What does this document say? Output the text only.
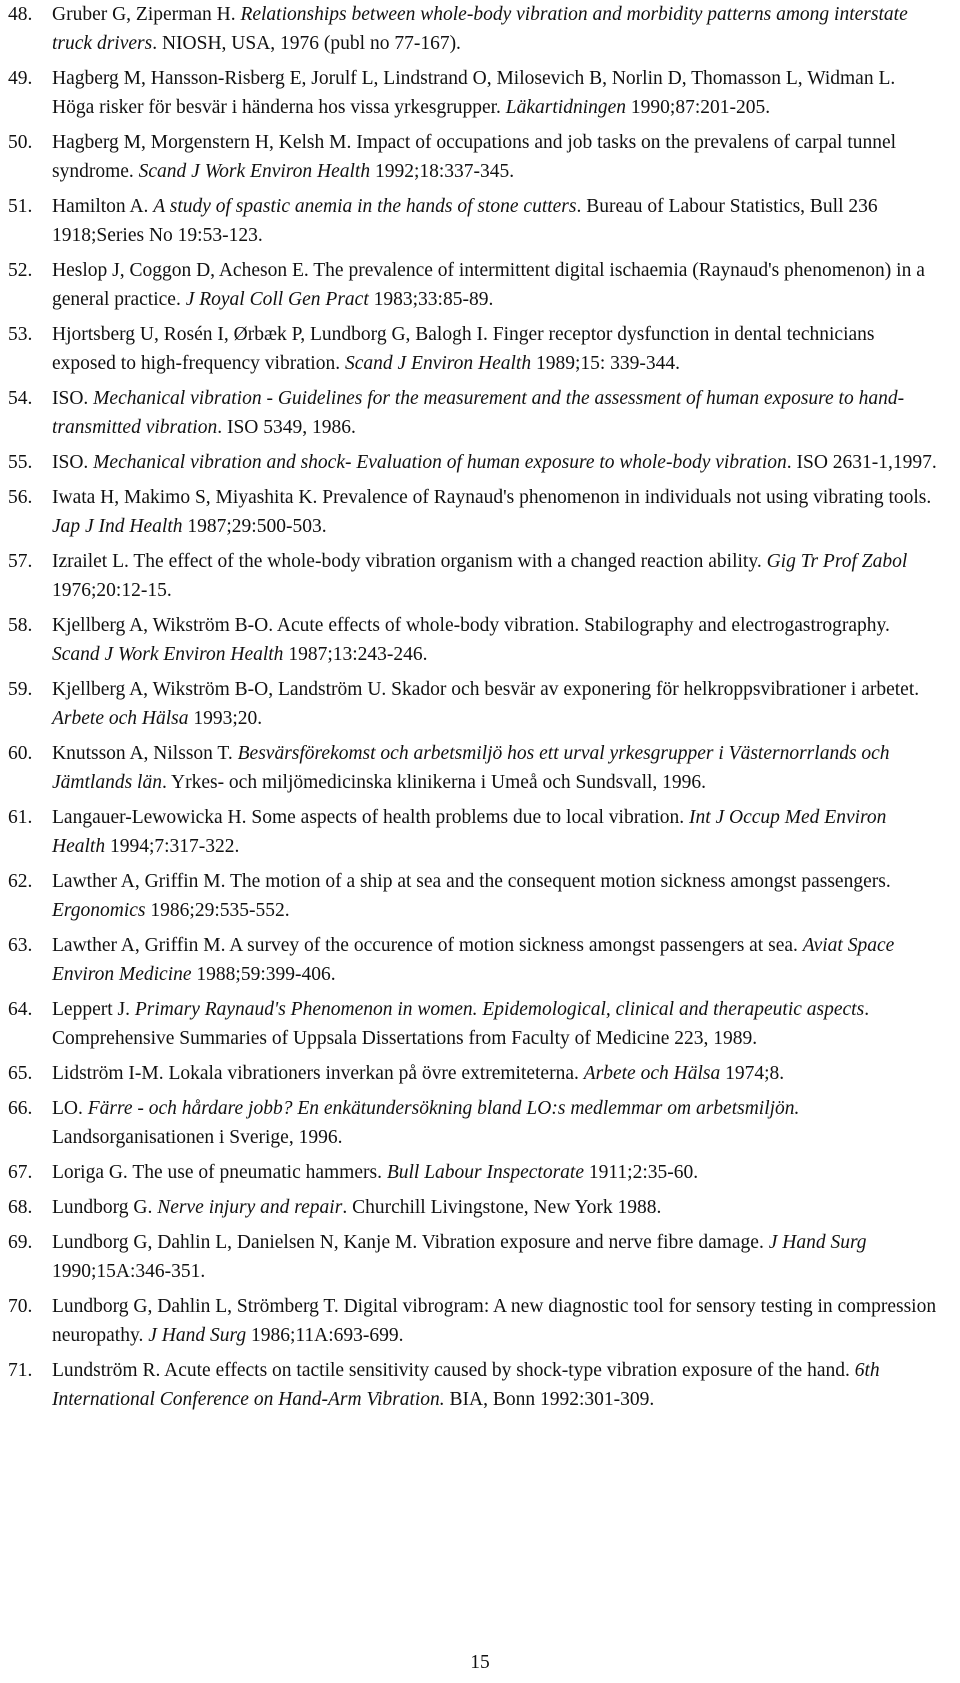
48. Gruber G, Ziperman H. Relationships between whole-body vibration and morbidity patterns among interstate truck drivers. NIOSH, USA, 1976 (publ no 77-167).
49. Hagberg M, Hansson-Risberg E, Jorulf L, Lindstrand O, Milosevich B, Norlin D, Thomasson L, Widman L. Höga risker för besvär i händerna hos vissa yrkesgrupper. Läkartidningen 1990;87:201-205.
50. Hagberg M, Morgenstern H, Kelsh M. Impact of occupations and job tasks on the prevalens of carpal tunnel syndrome. Scand J Work Environ Health 1992;18:337-345.
51. Hamilton A. A study of spastic anemia in the hands of stone cutters. Bureau of Labour Statistics, Bull 236 1918;Series No 19:53-123.
52. Heslop J, Coggon D, Acheson E. The prevalence of intermittent digital ischaemia (Raynaud's phenomenon) in a general practice. J Royal Coll Gen Pract 1983;33:85-89.
53. Hjortsberg U, Rosén I, Ørbæk P, Lundborg G, Balogh I. Finger receptor dysfunction in dental technicians exposed to high-frequency vibration. Scand J Environ Health 1989;15: 339-344.
54. ISO. Mechanical vibration - Guidelines for the measurement and the assessment of human exposure to hand-transmitted vibration. ISO 5349, 1986.
55. ISO. Mechanical vibration and shock- Evaluation of human exposure to whole-body vibration. ISO 2631-1,1997.
56. Iwata H, Makimo S, Miyashita K. Prevalence of Raynaud's phenomenon in individuals not using vibrating tools. Jap J Ind Health 1987;29:500-503.
57. Izrailet L. The effect of the whole-body vibration organism with a changed reaction ability. Gig Tr Prof Zabol 1976;20:12-15.
58. Kjellberg A, Wikström B-O. Acute effects of whole-body vibration. Stabilography and electrogastrography. Scand J Work Environ Health 1987;13:243-246.
59. Kjellberg A, Wikström B-O, Landström U. Skador och besvär av exponering för helkroppsvibrationer i arbetet. Arbete och Hälsa 1993;20.
60. Knutsson A, Nilsson T. Besvärsförekomst och arbetsmiljö hos ett urval yrkesgrupper i Västernorrlands och Jämtlands län. Yrkes- och miljömedicinska klinikerna i Umeå och Sundsvall, 1996.
61. Langauer-Lewowicka H. Some aspects of health problems due to local vibration. Int J Occup Med Environ Health 1994;7:317-322.
62. Lawther A, Griffin M. The motion of a ship at sea and the consequent motion sickness amongst passengers. Ergonomics 1986;29:535-552.
63. Lawther A, Griffin M. A survey of the occurence of motion sickness amongst passengers at sea. Aviat Space Environ Medicine 1988;59:399-406.
64. Leppert J. Primary Raynaud's Phenomenon in women. Epidemological, clinical and therapeutic aspects. Comprehensive Summaries of Uppsala Dissertations from Faculty of Medicine 223, 1989.
65. Lidström I-M. Lokala vibrationers inverkan på övre extremiteterna. Arbete och Hälsa 1974;8.
66. LO. Färre - och hårdare jobb? En enkätundersökning bland LO:s medlemmar om arbetsmiljön. Landsorganisationen i Sverige, 1996.
67. Loriga G. The use of pneumatic hammers. Bull Labour Inspectorate 1911;2:35-60.
68. Lundborg G. Nerve injury and repair. Churchill Livingstone, New York 1988.
69. Lundborg G, Dahlin L, Danielsen N, Kanje M. Vibration exposure and nerve fibre damage. J Hand Surg 1990;15A:346-351.
70. Lundborg G, Dahlin L, Strömberg T. Digital vibrogram: A new diagnostic tool for sensory testing in compression neuropathy. J Hand Surg 1986;11A:693-699.
71. Lundström R. Acute effects on tactile sensitivity caused by shock-type vibration exposure of the hand. 6th International Conference on Hand-Arm Vibration. BIA, Bonn 1992:301-309.
15
